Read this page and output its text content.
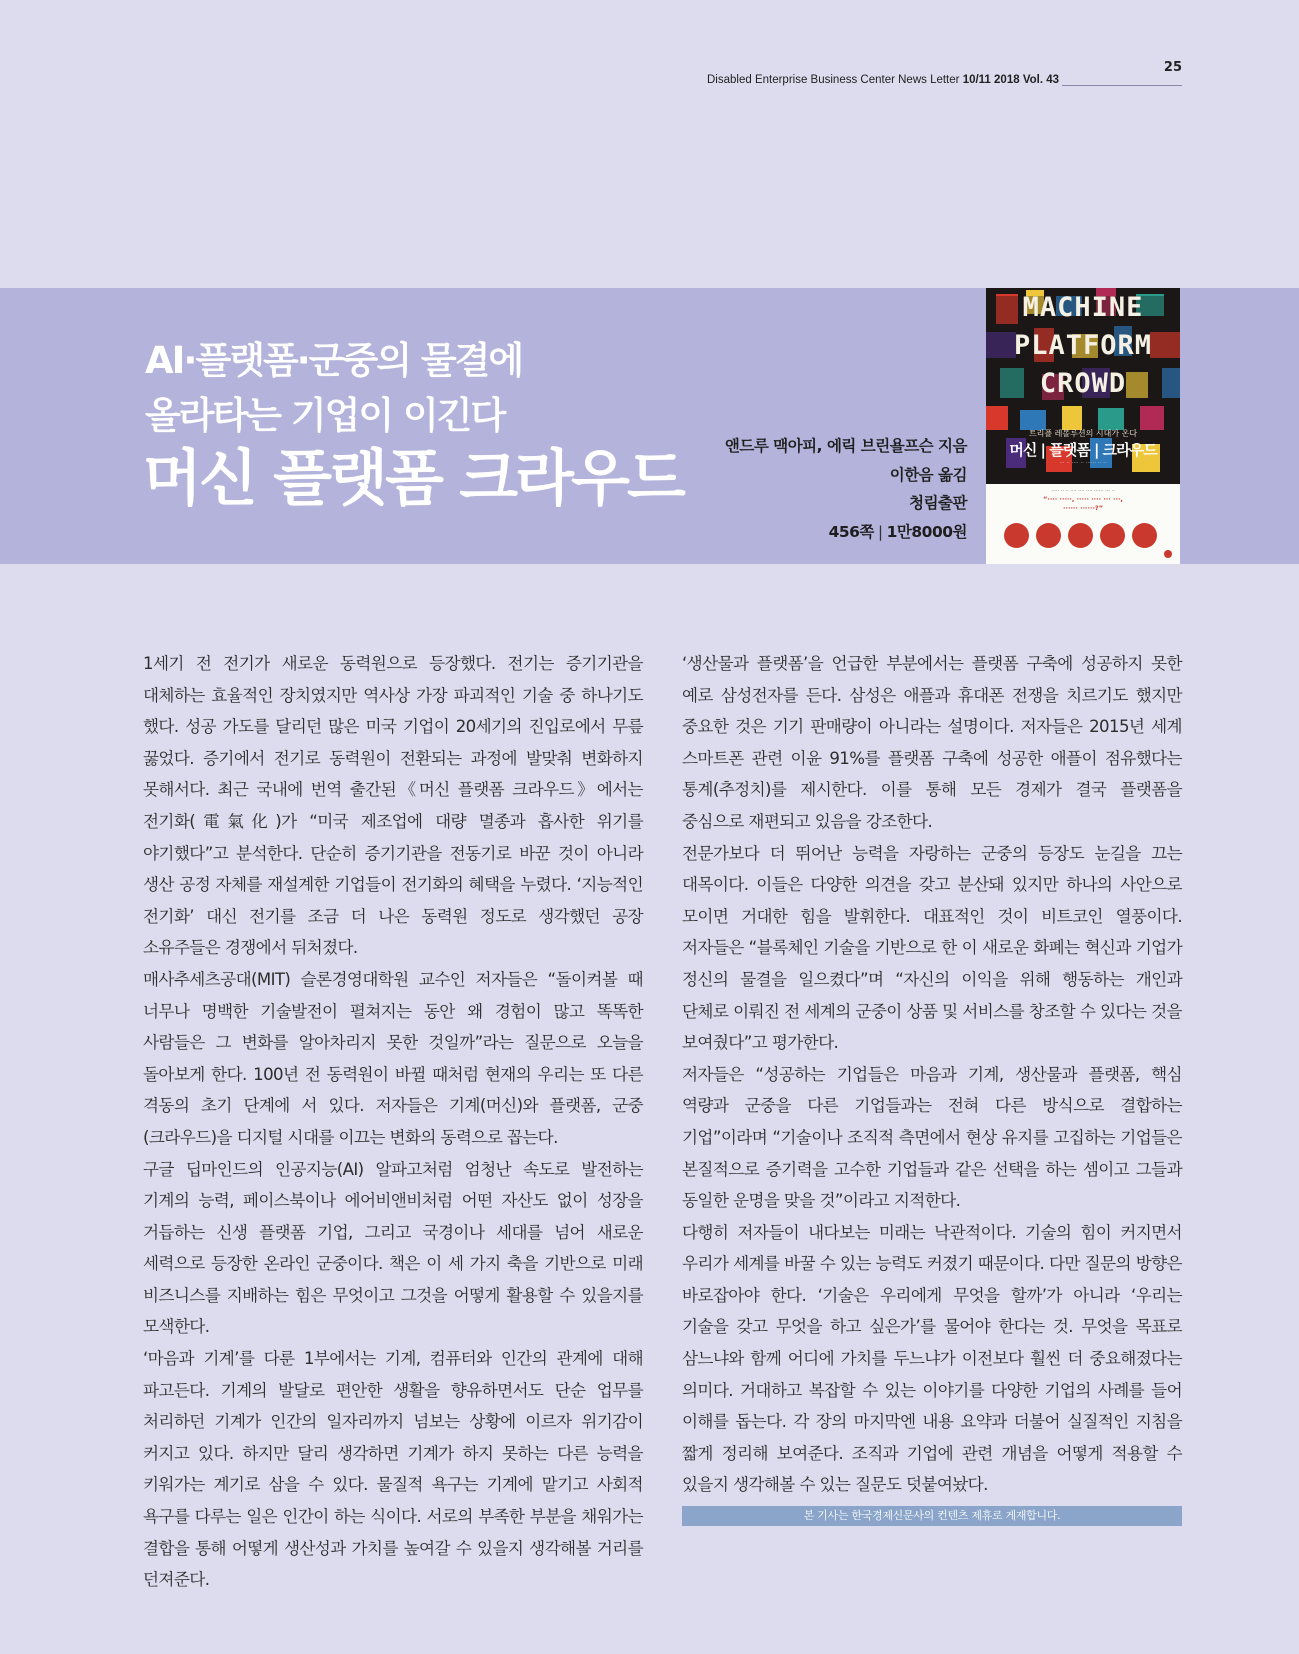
25
Disabled Enterprise Business Center News Letter 10/11 2018 Vol. 43
AI·플랫폼·군중의 물결에
올라타는 기업이 이긴다
머신 플랫폼 크라우드	앤드루 맥아피, 에릭 브린욜프슨 지음
이한음 옮김
청림출판
456쪽 | 1만8000원
MACHINE
PLATFORM
CROWD
트리플 레볼루션의 시대가 온다
머신 | 플랫폼 | 크라우드
··· ·· ···· ·· ······ ·· ··
····· ·· ·· ···· ···· ···· ······ ··· ··
“···· ·····, ····· ···· ··· ···,
······ ······?”

1세기 전 전기가 새로운 동력원으로 등장했다. 전기는 증기기관을 대체하는 효율적인 장치였지만 역사상 가장 파괴적인 기술 중 하나기도 했다. 성공 가도를 달리던 많은 미국 기업이 20세기의 진입로에서 무릎 꿇었다. 증기에서 전기로 동력원이 전환되는 과정에 발맞춰 변화하지 못해서다. 최근 국내에 번역 출간된《머신 플랫폼 크라우드》에서는 전기화(電氣化)가 “미국 제조업에 대량 멸종과 흡사한 위기를 야기했다”고 분석한다. 단순히 증기기관을 전동기로 바꾼 것이 아니라 생산 공정 자체를 재설계한 기업들이 전기화의 혜택을 누렸다. ‘지능적인 전기화’ 대신 전기를 조금 더 나은 동력원 정도로 생각했던 공장 소유주들은 경쟁에서 뒤처졌다.

매사추세츠공대(MIT) 슬론경영대학원 교수인 저자들은 “돌이켜볼 때 너무나 명백한 기술발전이 펼쳐지는 동안 왜 경험이 많고 똑똑한 사람들은 그 변화를 알아차리지 못한 것일까”라는 질문으로 오늘을 돌아보게 한다. 100년 전 동력원이 바뀔 때처럼 현재의 우리는 또 다른 격동의 초기 단계에 서 있다. 저자들은 기계(머신)와 플랫폼, 군중(크라우드)을 디지털 시대를 이끄는 변화의 동력으로 꼽는다.

구글 딥마인드의 인공지능(AI) 알파고처럼 엄청난 속도로 발전하는 기계의 능력, 페이스북이나 에어비앤비처럼 어떤 자산도 없이 성장을 거듭하는 신생 플랫폼 기업, 그리고 국경이나 세대를 넘어 새로운 세력으로 등장한 온라인 군중이다. 책은 이 세 가지 축을 기반으로 미래 비즈니스를 지배하는 힘은 무엇이고 그것을 어떻게 활용할 수 있을지를 모색한다.

‘마음과 기계’를 다룬 1부에서는 기계, 컴퓨터와 인간의 관계에 대해 파고든다. 기계의 발달로 편안한 생활을 향유하면서도 단순 업무를 처리하던 기계가 인간의 일자리까지 넘보는 상황에 이르자 위기감이 커지고 있다. 하지만 달리 생각하면 기계가 하지 못하는 다른 능력을 키워가는 계기로 삼을 수 있다. 물질적 욕구는 기계에 맡기고 사회적 욕구를 다루는 일은 인간이 하는 식이다. 서로의 부족한 부분을 채워가는 결합을 통해 어떻게 생산성과 가치를 높여갈 수 있을지 생각해볼 거리를 던져준다.

‘생산물과 플랫폼’을 언급한 부분에서는 플랫폼 구축에 성공하지 못한 예로 삼성전자를 든다. 삼성은 애플과 휴대폰 전쟁을 치르기도 했지만 중요한 것은 기기 판매량이 아니라는 설명이다. 저자들은 2015년 세계 스마트폰 관련 이윤 91%를 플랫폼 구축에 성공한 애플이 점유했다는 통계(추정치)를 제시한다. 이를 통해 모든 경제가 결국 플랫폼을 중심으로 재편되고 있음을 강조한다.

전문가보다 더 뛰어난 능력을 자랑하는 군중의 등장도 눈길을 끄는 대목이다. 이들은 다양한 의견을 갖고 분산돼 있지만 하나의 사안으로 모이면 거대한 힘을 발휘한다. 대표적인 것이 비트코인 열풍이다. 저자들은 “블록체인 기술을 기반으로 한 이 새로운 화폐는 혁신과 기업가 정신의 물결을 일으켰다”며 “자신의 이익을 위해 행동하는 개인과 단체로 이뤄진 전 세계의 군중이 상품 및 서비스를 창조할 수 있다는 것을 보여줬다”고 평가한다.

저자들은 “성공하는 기업들은 마음과 기계, 생산물과 플랫폼, 핵심 역량과 군중을 다른 기업들과는 전혀 다른 방식으로 결합하는 기업”이라며 “기술이나 조직적 측면에서 현상 유지를 고집하는 기업들은 본질적으로 증기력을 고수한 기업들과 같은 선택을 하는 셈이고 그들과 동일한 운명을 맞을 것”이라고 지적한다.

다행히 저자들이 내다보는 미래는 낙관적이다. 기술의 힘이 커지면서 우리가 세계를 바꿀 수 있는 능력도 커졌기 때문이다. 다만 질문의 방향은 바로잡아야 한다. ‘기술은 우리에게 무엇을 할까’가 아니라 ‘우리는 기술을 갖고 무엇을 하고 싶은가’를 물어야 한다는 것. 무엇을 목표로 삼느냐와 함께 어디에 가치를 두느냐가 이전보다 훨씬 더 중요해졌다는 의미다. 거대하고 복잡할 수 있는 이야기를 다양한 기업의 사례를 들어 이해를 돕는다. 각 장의 마지막엔 내용 요약과 더불어 실질적인 지침을 짧게 정리해 보여준다. 조직과 기업에 관련 개념을 어떻게 적용할 수 있을지 생각해볼 수 있는 질문도 덧붙여놨다.

본 기사는 한국경제신문사의 컨텐츠 제휴로 게재합니다.
